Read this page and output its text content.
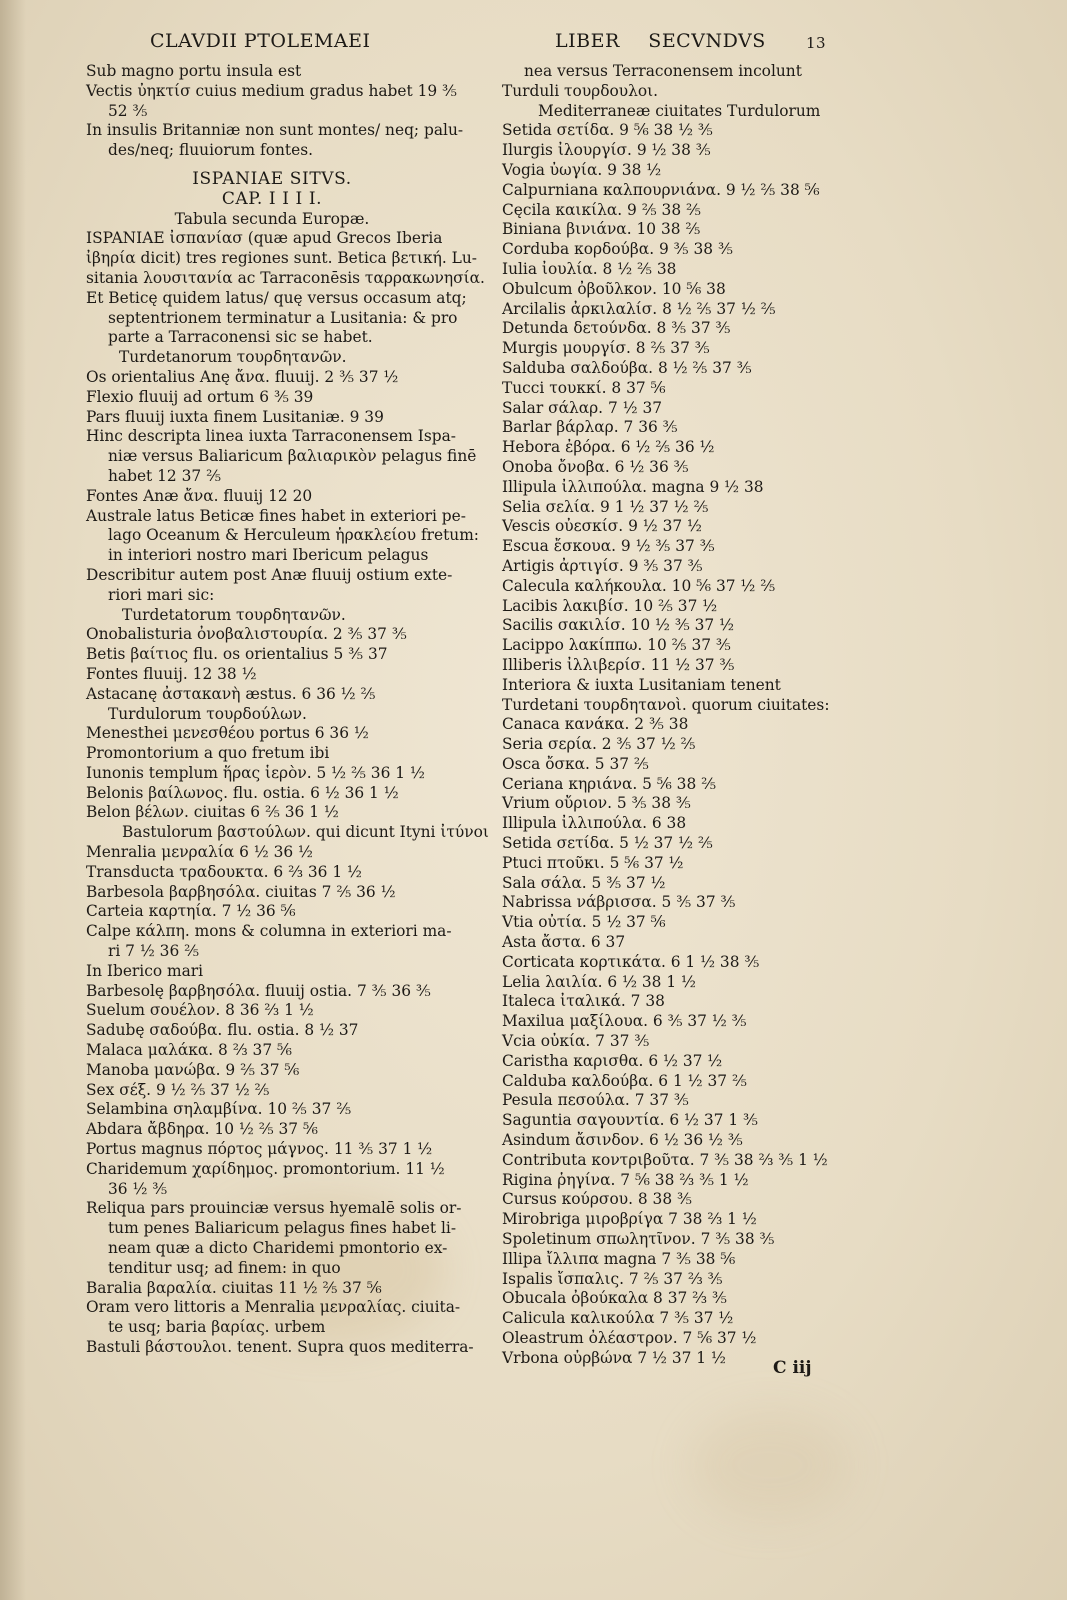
CLAVDII PTOLEMAEI	LIBER SECVNDVS	13
Sub magno portu insula est
Vectis ὐηκτίσ cuius medium gradus habet 19 ⅗
52 ⅗
In insulis Britanniæ non sunt montes/ neq; palu-
des/neq; fluuiorum fontes.
ISPANIAE SITVS.
CAP. I I I I.
Tabula secunda Europæ.
ISPANIAE ἰσπανίασ (quæ apud Grecos Iberia
ἰβηρία dicit) tres regiones sunt. Betica βετική. Lu-
sitania λουσιτανία ac Tarraconēsis ταρρακωνησία.
Et Beticę quidem latus/ quę versus occasum atq;
septentrionem terminatur a Lusitania: & pro
parte a Tarraconensi sic se habet.
Turdetanorum τουρδητανῶν.
Os orientalius Anę ἄνα. fluuij. 2 ⅗ 37 ½
Flexio fluuij ad ortum 6 ⅗ 39
Pars fluuij iuxta finem Lusitaniæ. 9 39
Hinc descripta linea iuxta Tarraconensem Ispa-
niæ versus Baliaricum βαλιαρικὸν pelagus finē
habet 12 37 ⅖
Fontes Anæ ἄνα. fluuij 12 20
Australe latus Beticæ fines habet in exteriori pe-
lago Oceanum & Herculeum ἡρακλείου fretum:
in interiori nostro mari Ibericum pelagus
Describitur autem post Anæ fluuij ostium exte-
riori mari sic:
Turdetatorum τουρδητανῶν.
Onobalisturia ὀνοβαλιστουρία. 2 ⅗ 37 ⅗
Betis βαίτιος flu. os orientalius 5 ⅗ 37
Fontes fluuij. 12 38 ½
Astacanę ἀστακανὴ æstus. 6 36 ½ ⅖
Turdulorum τουρδούλων.
Menesthei μενεσθέου portus 6 36 ½
Promontorium a quo fretum ibi
Iunonis templum ἥρας ἱερὸν. 5 ½ ⅖ 36 1 ½
Belonis βαίλωνος. flu. ostia. 6 ½ 36 1 ½
Belon βέλων. ciuitas 6 ⅖ 36 1 ½
Bastulorum βαστούλων. qui dicunt Ityni ἰτύνοι
Menralia μενραλία 6 ½ 36 ½
Transducta τραδουκτα. 6 ⅔ 36 1 ½
Barbesola βαρβησόλα. ciuitas 7 ⅖ 36 ½
Carteia καρτηία. 7 ½ 36 ⅚
Calpe κάλπη. mons & columna in exteriori ma-
ri 7 ½ 36 ⅖
In Iberico mari
Barbesolę βαρβησόλα. fluuij ostia. 7 ⅗ 36 ⅗
Suelum σουέλον. 8 36 ⅔ 1 ½
Sadubę σαδούβα. flu. ostia. 8 ½ 37
Malaca μαλάκα. 8 ⅔ 37 ⅚
Manoba μανώβα. 9 ⅖ 37 ⅚
Sex σέξ. 9 ½ ⅖ 37 ½ ⅖
Selambina σηλαμβίνα. 10 ⅖ 37 ⅖
Abdara ἄβδηρα. 10 ½ ⅖ 37 ⅚
Portus magnus πόρτος μάγνος. 11 ⅗ 37 1 ½
Charidemum χαρίδημος. promontorium. 11 ½
36 ½ ⅗
Reliqua pars prouinciæ versus hyemalē solis or-
tum penes Baliaricum pelagus fines habet li-
neam quæ a dicto Charidemi pmontorio ex-
tenditur usq; ad finem: in quo
Baralia βαραλία. ciuitas 11 ½ ⅖ 37 ⅚
Oram vero littoris a Menralia μενραλίας. ciuita-
te usq; baria βαρίας. urbem
Bastuli βάστουλοι. tenent. Supra quos mediterra-
nea versus Terraconensem incolunt
Turduli τουρδουλοι.
Mediterraneæ ciuitates Turdulorum
Setida σετίδα. 9 ⅚ 38 ½ ⅗
Ilurgis ἰλουργίσ. 9 ½ 38 ⅗
Vogia ὐωγία. 9 38 ½
Calpurniana καλπουρνιάνα. 9 ½ ⅖ 38 ⅚
Cęcila καικίλα. 9 ⅖ 38 ⅖
Biniana βινιάνα. 10 38 ⅖
Corduba κορδούβα. 9 ⅗ 38 ⅗
Iulia ἰουλία. 8 ½ ⅖ 38
Obulcum ὀβοῦλκον. 10 ⅚ 38
Arcilalis ἀρκιλαλίσ. 8 ½ ⅖ 37 ½ ⅖
Detunda δετούνδα. 8 ⅗ 37 ⅗
Murgis μουργίσ. 8 ⅖ 37 ⅗
Salduba σαλδούβα. 8 ½ ⅖ 37 ⅗
Tucci τουκκί. 8 37 ⅚
Salar σάλαρ. 7 ½ 37
Barlar βάρλαρ. 7 36 ⅗
Hebora ἐβόρα. 6 ½ ⅖ 36 ½
Onoba ὄνοβα. 6 ½ 36 ⅗
Illipula ἰλλιπούλα. magna 9 ½ 38
Selia σελία. 9 1 ½ 37 ½ ⅖
Vescis οὐεσκίσ. 9 ½ 37 ½
Escua ἔσκουα. 9 ½ ⅗ 37 ⅗
Artigis ἀρτιγίσ. 9 ⅗ 37 ⅗
Calecula καλήκουλα. 10 ⅚ 37 ½ ⅖
Lacibis λακιβίσ. 10 ⅖ 37 ½
Sacilis σακιλίσ. 10 ½ ⅗ 37 ½
Lacippo λακίππω. 10 ⅖ 37 ⅗
Illiberis ἰλλιβερίσ. 11 ½ 37 ⅗
Interiora & iuxta Lusitaniam tenent
Turdetani τουρδητανοὶ. quorum ciuitates:
Canaca κανάκα. 2 ⅗ 38
Seria σερία. 2 ⅗ 37 ½ ⅖
Osca ὄσκα. 5 37 ⅖
Ceriana κηριάνα. 5 ⅚ 38 ⅖
Vrium οὔριον. 5 ⅗ 38 ⅗
Illipula ἰλλιπούλα. 6 38
Setida σετίδα. 5 ½ 37 ½ ⅖
Ptuci πτοῦκι. 5 ⅚ 37 ½
Sala σάλα. 5 ⅗ 37 ½
Nabrissa νάβρισσα. 5 ⅗ 37 ⅗
Vtia οὐτία. 5 ½ 37 ⅚
Asta ἄστα. 6 37
Corticata κορτικάτα. 6 1 ½ 38 ⅗
Lelia λαιλία. 6 ½ 38 1 ½
Italeca ἰταλικά. 7 38
Maxilua μαξίλουα. 6 ⅗ 37 ½ ⅗
Vcia οὐκία. 7 37 ⅗
Caristha καρισθα. 6 ½ 37 ½
Calduba καλδούβα. 6 1 ½ 37 ⅖
Pesula πεσούλα. 7 37 ⅗
Saguntia σαγουντία. 6 ½ 37 1 ⅗
Asindum ἄσινδον. 6 ½ 36 ½ ⅗
Contributa κοντριβοῦτα. 7 ⅗ 38 ⅔ ⅗ 1 ½
Rigina ῥηγίνα. 7 ⅚ 38 ⅔ ⅗ 1 ½
Cursus κούρσου. 8 38 ⅗
Mirobriga μιροβρίγα 7 38 ⅔ 1 ½
Spoletinum σπωλητῖνον. 7 ⅗ 38 ⅗
Illipa ἴλλιπα magna 7 ⅗ 38 ⅚
Ispalis ἴσπαλις. 7 ⅖ 37 ⅔ ⅗
Obucala ὀβούκαλα 8 37 ⅔ ⅗
Calicula καλικούλα 7 ⅗ 37 ½
Oleastrum ὀλέαστρον. 7 ⅚ 37 ½
Vrbona οὐρβώνα 7 ½ 37 1 ½
C iij
